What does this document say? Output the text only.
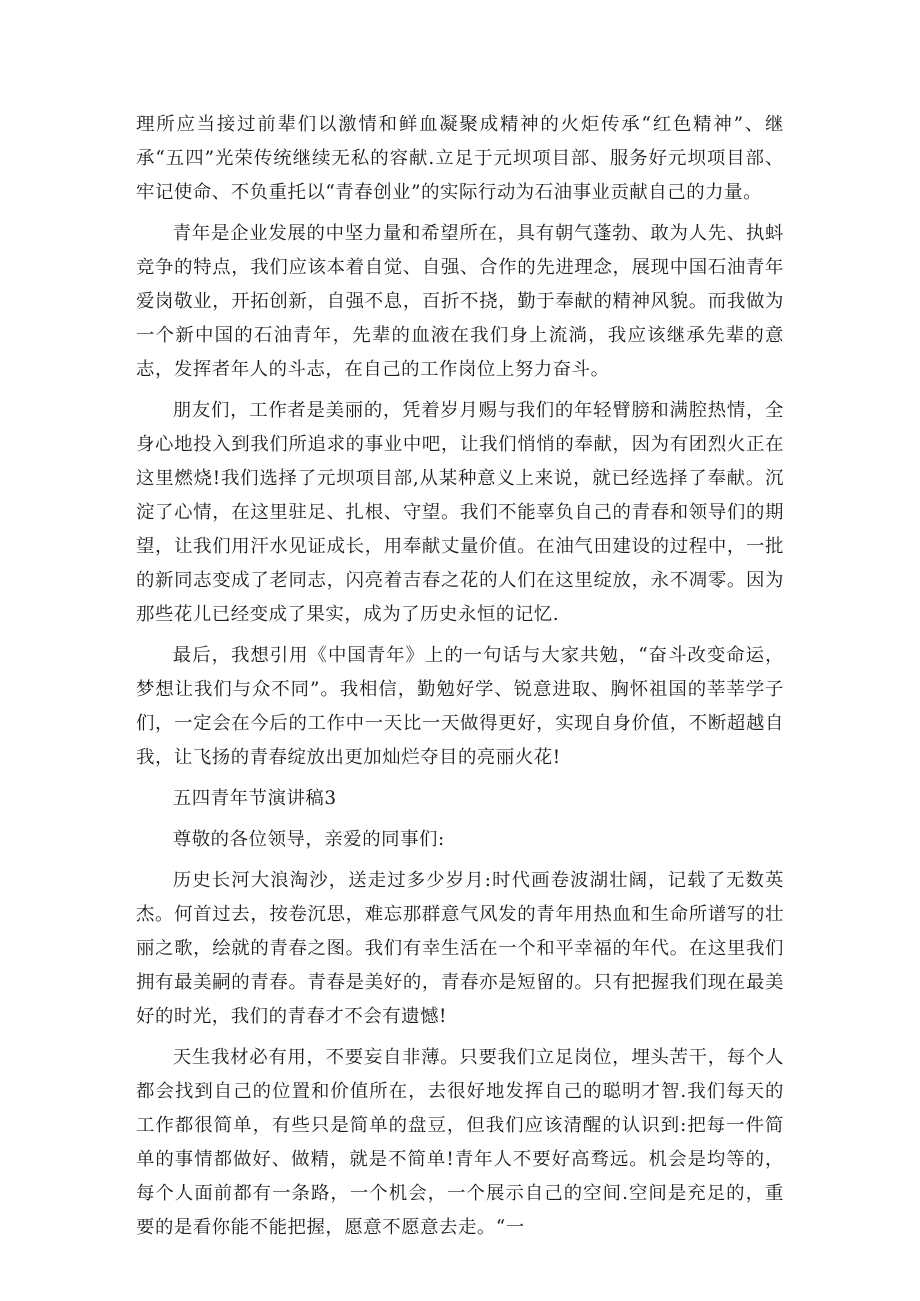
理所应当接过前辈们以激情和鲜血凝聚成精神的火炬传承“红色精神”、继承“五四”光荣传统继续无私的容献.立足于元坝项目部、服务好元坝项目部、牢记使命、不负重托以“青春创业”的实际行动为石油事业贡献自己的力量。

青年是企业发展的中坚力量和希望所在，具有朝气蓬勃、敢为人先、执蚪竞争的特点，我们应该本着自觉、自强、合作的先进理念，展现中国石油青年爱岗敬业，开拓创新，自强不息，百折不挠，勤于奉献的精神风貌。而我做为一个新中国的石油青年，先辈的血液在我们身上流淌，我应该继承先辈的意志，发挥者年人的斗志，在自己的工作岗位上努力奋斗。

朋友们，工作者是美丽的，凭着岁月赐与我们的年轻臂膀和满腔热情，全身心地投入到我们所追求的事业中吧，让我们悄悄的奉献，因为有团烈火正在这里燃烧!我们选择了元坝项目部,从某种意义上来说，就已经选择了奉献。沉淀了心情，在这里驻足、扎根、守望。我们不能辜负自己的青春和领导们的期望，让我们用汗水见证成长，用奉献丈量价值。在油气田建设的过程中，一批的新同志变成了老同志，闪亮着吉春之花的人们在这里绽放，永不凋零。因为那些花儿已经变成了果实，成为了历史永恒的记忆.

最后，我想引用《中国青年》上的一句话与大家共勉，“奋斗改变命运，梦想让我们与众不同”。我相信，勤勉好学、锐意进取、胸怀祖国的莘莘学子们，一定会在今后的工作中一天比一天做得更好，实现自身价值，不断超越自我，让飞扬的青春绽放出更加灿烂夺目的亮丽火花!

五四青年节演讲稿3

尊敬的各位领导，亲爱的同事们:

历史长河大浪淘沙，送走过多少岁月:时代画卷波湖壮阔，记载了无数英杰。何首过去，按卷沉思，难忘那群意气风发的青年用热血和生命所谱写的壮丽之歌，绘就的青春之图。我们有幸生活在一个和平幸福的年代。在这里我们拥有最美嗣的青春。青春是美好的，青春亦是短留的。只有把握我们现在最美好的时光，我们的青春才不会有遗憾!

天生我材必有用，不要妄自非薄。只要我们立足岗位，埋头苦干，每个人都会找到自己的位置和价值所在，去很好地发挥自己的聪明才智.我们每天的工作都很简单，有些只是简单的盘豆，但我们应该清醒的认识到:把每一件简单的事情都做好、做精，就是不简单!青年人不要好高骛远。机会是均等的，每个人面前都有一条路，一个机会，一个展示自己的空间.空间是充足的，重要的是看你能不能把握，愿意不愿意去走。“一
